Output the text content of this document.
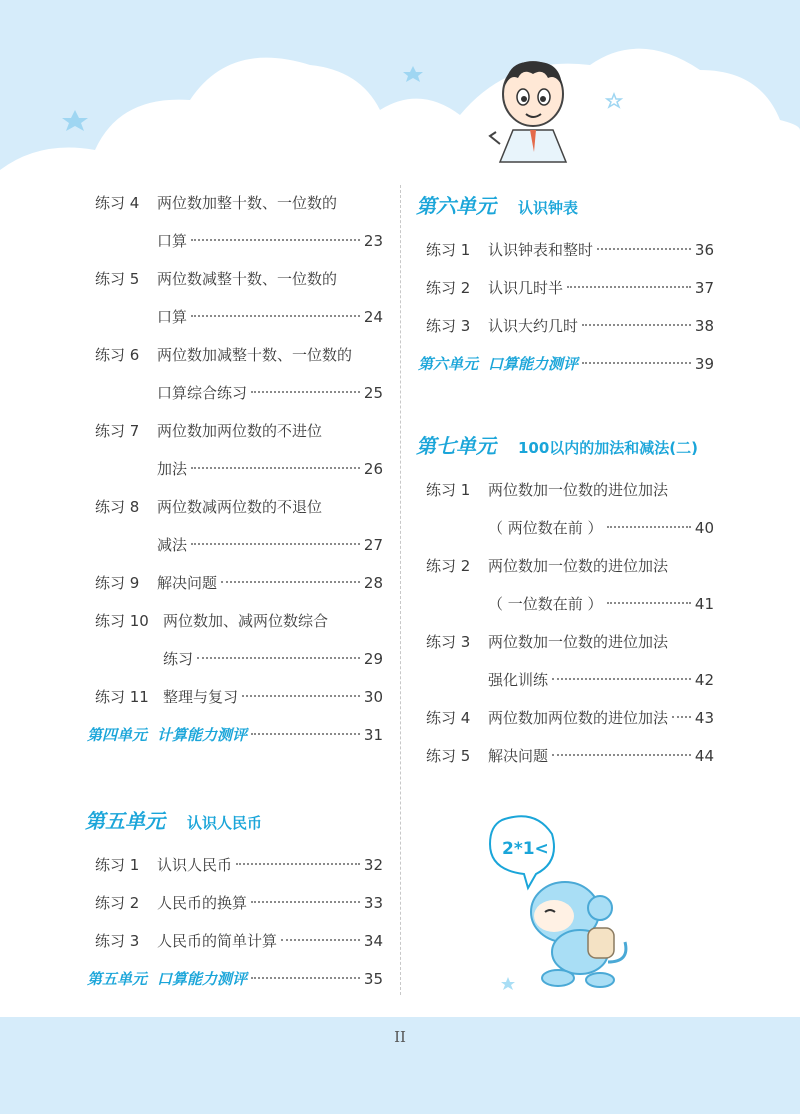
练习 4	两位数加整十数、一位数的
口算	23
练习 5	两位数减整十数、一位数的
口算	24
练习 6	两位数加减整十数、一位数的
口算综合练习	25
练习 7	两位数加两位数的不进位
加法	26
练习 8	两位数减两位数的不退位
减法	27
练习 9	解决问题	28
练习 10 两位数加、减两位数综合
练习	29
练习 11 整理与复习	30
第四单元 计算能力测评	31
第五单元 认识人民币
练习 1	认识人民币	32
练习 2	人民币的换算	33
练习 3	人民币的简单计算	34
第五单元 口算能力测评	35
第六单元 认识钟表
练习 1	认识钟表和整时	36
练习 2	认识几时半	37
练习 3	认识大约几时	38
第六单元 口算能力测评	39
第七单元 100以内的加法和减法(二)
练习 1	两位数加一位数的进位加法
（ 两位数在前 ）	40
练习 2	两位数加一位数的进位加法
（ 一位数在前 ）	41
练习 3	两位数加一位数的进位加法
强化训练	42
练习 4	两位数加两位数的进位加法 43
练习 5	解决问题	44
2*1<
II
